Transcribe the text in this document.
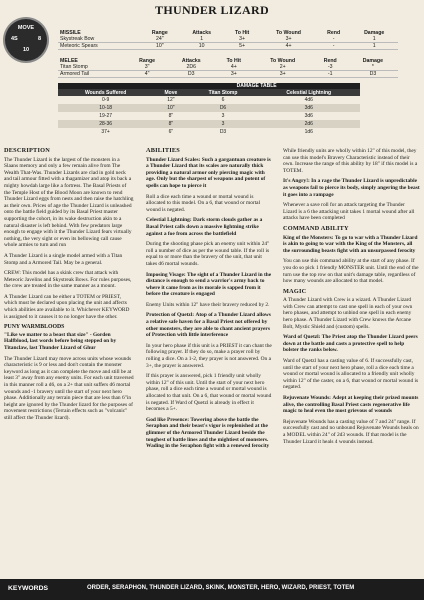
THUNDER LIZARD
MOVE
4S	8
10
MISSILE	Range	Attacks	To Hit	To Wound	Rend	Damage
Skystreak Bow	24"	1	3+	3+	-	1
Meteoric Spears	10"	10	5+	4+	-	1
MELEE	Range	Attacks	To Hit	To Wound	Rend	Damage
Titan Stomp	3"	2D6	4+	2+	-3	*
Armored Tail	4"	D3	3+	3+	-1	D3
	DAMAGE TABLE		
Wounds Suffered	Move	Titan Stomp	Celestial Lightning
0-9	12"	6	4d6
10-18	10"	D6	3d6
19-27	8"	3	3d6
28-36	8"	3	2d6
37+	6"	D3	1d6
DESCRIPTION

The Thunder Lizard is the largest of the monsters in a Slaans memory and only a few remain alive from The Wealth That-Was. Thunder Lizards are clad in gold neck and tail armour fitted with a thagamizer and atop its back a mighty howdah large like a fortress. The Basal Priests of the Temple Host of the Blood Moon are known to rend Thunder Lizard eggs from nests and then raise the hatchling as their own. Prices of age the Thunder Lizard is unleashed onto the battle field guided by its Basal Priest master supporting the cohort, in its wake destruction akin to a natural disaster is left behind. With few predators large enough to engage with it the Thunder Lizard fears virtually nothing, the very sight or even its bellowing call cause whole armies to turn and run

A Thunder Lizard is a single model armed with a Titan Stomp and a Armored Tail. May be a general.

CREW: This model has a skink crew that attack with Meteoric Javelins and Skystreak Bows. For rules purposes, the crew are treated in the same manner as a mount.

A Thunder Lizard can be either a TOTEM or PRIEST, which must be declared upon placing the unit and affects which abilities are available to it. Whichever KEYWORD is assigned to it causes it to no longer have the other.

PUNY WARMBLOODS

"Like we matter to a beast that size" - Gorden Halfblood, last words before being stepped on by Titanclaw, last Thunder Lizard of Ghur

The Thunder Lizard may move across units whose wounds characteristic is 9 or less and don't contain the monster keyword as long as it can complete the move and still be at least 3" away from any enemy units. For each unit traversed in this manner roll a d6, on a 2+ that unit suffers d6 mortal wounds and -1 bravery until the start of your next hero phase. Additionally any terrain piece that are less than 6"in height are ignored by the Thunder lizard for the purposes of movement restrictions (Terrain effects such as "volcanic" still affect the Thunder lizard).

ABILITIES

Thunder Lizard Scales: Such a gargantuan creature is a Thunder Lizard that its scales are naturally thick providing a natural armor only piercing magic with age. Only but the sharpest of weapons and potent of spells can hope to pierce it

Roll a dice each time a wound or mortal wound is allocated to this model. On a 6, that wound or mortal wound is negated.

Celestial Lightning: Dark storm clouds gather as a Basal Priest calls down a massive lightning strike against a foe from across the battlefield

During the shooting phase pick an enemy unit within 24" roll a number of dice as per the wound table. If the roll is equal to or more than the bravery of the unit, that unit takes d6 mortal wounds.

Imposing Visage: The sight of a Thunder Lizard in the distance is enough to send a warrior's army back to where it came from as its morale is sapped from it before the creature is engaged

Enemy Units within 12" have their bravery reduced by 2.

Protection of Quetzl: Atop of a Thunder Lizard allows a relative safe haven for a Basal Priest not offered by other monsters, they are able to chant ancient prayers of Protection with little interference

In your hero phase if this unit is a PRIEST it can chant the following prayer. If they do so, make a prayer roll by rolling a dice. On a 1-2, they prayer is not answered. On a 3+, the prayer is answered.

If this prayer is answered, pick 1 friendly unit wholly within 12" of this unit. Until the start of your next hero phase, roll a dice each time a wound or mortal wound is allocated to that unit. On a 6, that wound or mortal wound is negated. If Ward of Quetzl is already in effect it becomes a 5+.

God like Presence: Towering above the battle the Seraphon and their beast's vigor is replenished at the glimmer of the Armored Thunder Lizard beside the toughest of battle lines and the mightiest of monsters. Wading in the Seraphon fight with a renewed ferocity

While friendly units are wholly within 12" of this model, they can use this model's Bravery Characteristic instead of their own. Increase the range of this ability by 18" if this model is a TOTEM.

It's Angry!: In a rage the Thunder Lizard is unpredictable as weapons fail to pierce its body, simply angering the beast it goes into a rampage

Whenever a save roll for an attack targeting the Thunder Lizard is a 6 the attacking unit takes 1 mortal wound after all attacks have been completed

COMMAND ABILITY

King of the Monsters: To go to war with a Thunder Lizard is akin to going to war with the King of the Monsters, all the surrounding beasts fight with an unsurpassed ferocity

You can use this command ability at the start of any phase. If you do so pick 1 friendly MONSTER unit. Until the end of the turn use the top row on that unit's damage table, regardless of how many wounds are allocated to that model.

MAGIC

A Thunder Lizard with Crew is a wizard. A Thunder Lizard with Crew can attempt to cast one spell in each of your own hero phases, and attempt to unbind one spell in each enemy hero phase. A Thunder Lizard with Crew knows the Arcane Bolt, Mystic Shield and (custom) spells.

Ward of Quetzl: The Priest atop the Thunder Lizard peers down at the battle and casts a protective spell to help bolster the ranks below.

Ward of Quetzl has a casting value of 6. If successfully cast, until the start of your next hero phase, roll a dice each time a wound or mortal wound is allocated to a friendly unit wholly within 12" of the caster, on a 6, that wound or mortal wound is negated.

Rejuvenate Wounds: Adept at keeping their prized mounts alive, the controlling Basal Priest casts regenerative life magic to heal even the most grievous of wounds

Rejuvenate Wounds has a casting value of 7 and 24" range. If successfully cast and no unbound Rejuvenate Wounds heals on a MODEL within 24" of 2d3 wounds. If that model is the Thunder Lizard it heals 4 wounds instead.

KEYWORDS	ORDER, SERAPHON, THUNDER LIZARD, SKINK, MONSTER, HERO, WIZARD, PRIEST, TOTEM
